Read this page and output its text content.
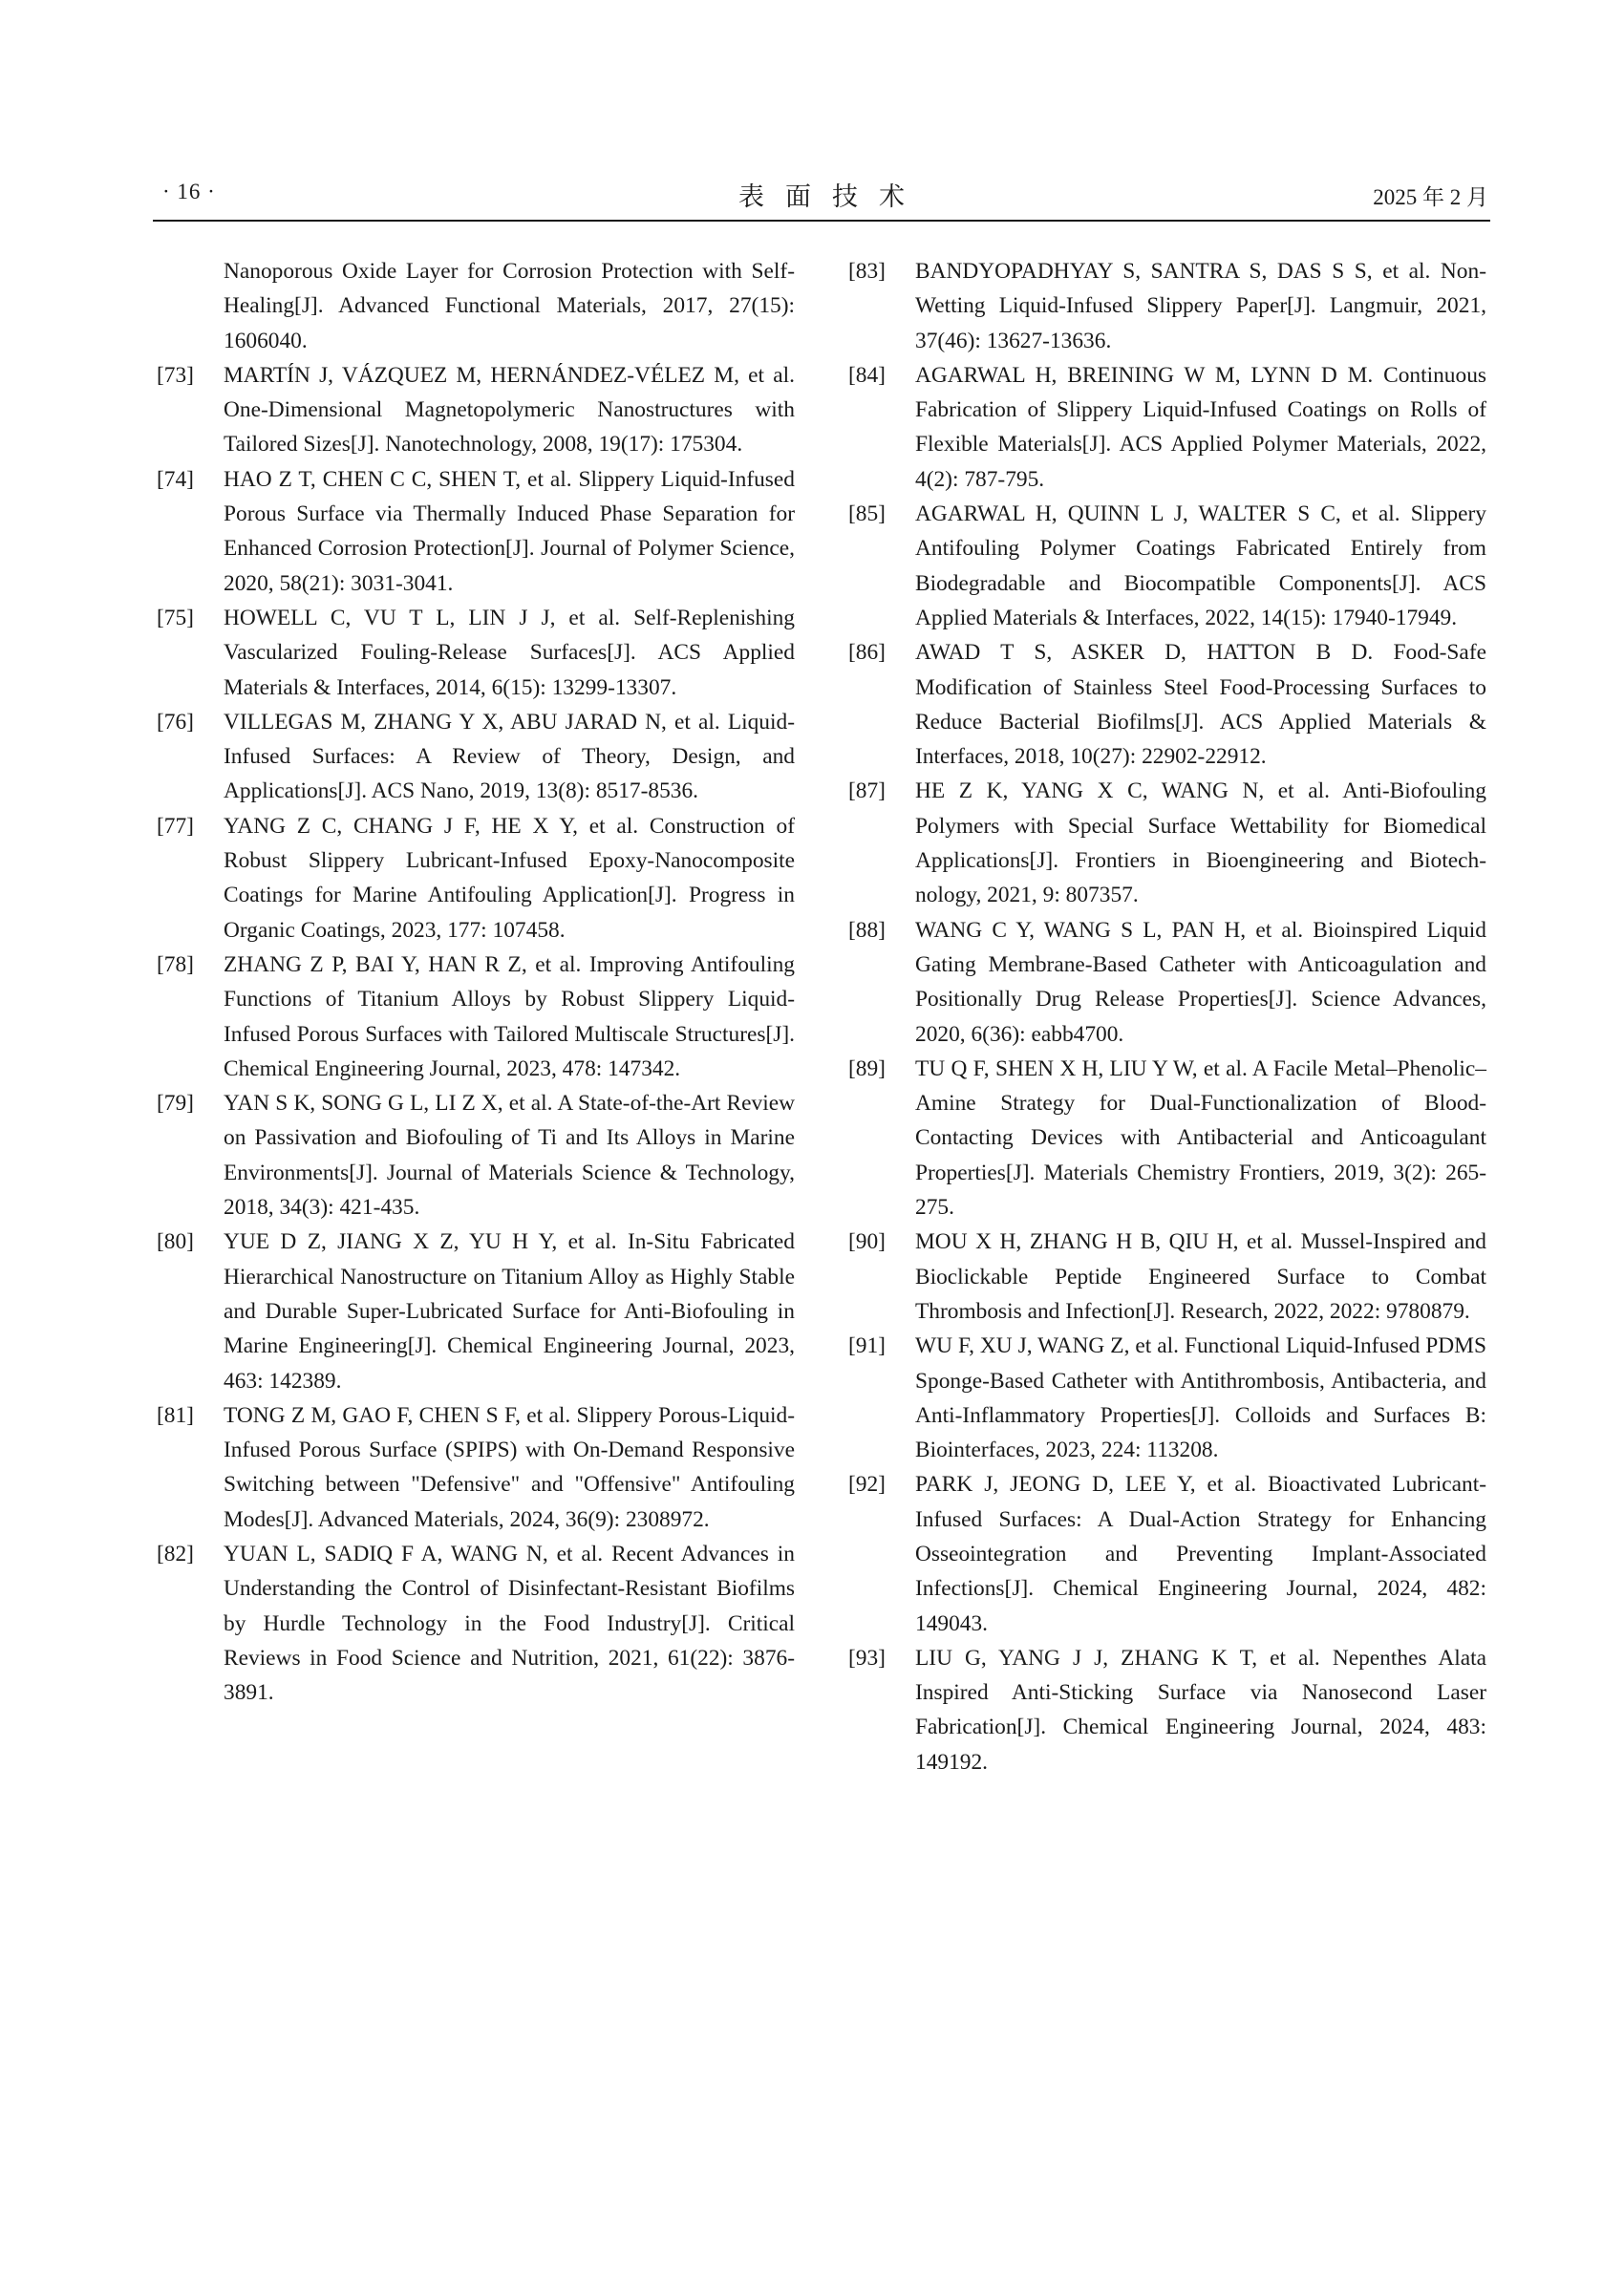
· 16 ·	表面技术	2025 年 2 月
Nanoporous Oxide Layer for Corrosion Protection with Self-Healing[J]. Advanced Functional Materials, 2017, 27(15): 1606040.
[73] MARTÍN J, VÁZQUEZ M, HERNÁNDEZ-VÉLEZ M, et al. One-Dimensional Magnetopolymeric Nanostructures with Tailored Sizes[J]. Nanotechnology, 2008, 19(17): 175304.
[74] HAO Z T, CHEN C C, SHEN T, et al. Slippery Liquid-Infused Porous Surface via Thermally Induced Phase Separation for Enhanced Corrosion Protection[J]. Journal of Polymer Science, 2020, 58(21): 3031-3041.
[75] HOWELL C, VU T L, LIN J J, et al. Self-Replenishing Vascularized Fouling-Release Surfaces[J]. ACS Applied Materials & Interfaces, 2014, 6(15): 13299-13307.
[76] VILLEGAS M, ZHANG Y X, ABU JARAD N, et al. Liquid-Infused Surfaces: A Review of Theory, Design, and Applications[J]. ACS Nano, 2019, 13(8): 8517-8536.
[77] YANG Z C, CHANG J F, HE X Y, et al. Construction of Robust Slippery Lubricant-Infused Epoxy-Nanocomposite Coatings for Marine Antifouling Application[J]. Progress in Organic Coatings, 2023, 177: 107458.
[78] ZHANG Z P, BAI Y, HAN R Z, et al. Improving Antifouling Functions of Titanium Alloys by Robust Slippery Liquid-Infused Porous Surfaces with Tailored Multiscale Structures[J]. Chemical Engineering Journal, 2023, 478: 147342.
[79] YAN S K, SONG G L, LI Z X, et al. A State-of-the-Art Review on Passivation and Biofouling of Ti and Its Alloys in Marine Environments[J]. Journal of Materials Science & Technology, 2018, 34(3): 421-435.
[80] YUE D Z, JIANG X Z, YU H Y, et al. In-Situ Fabricated Hierarchical Nanostructure on Titanium Alloy as Highly Stable and Durable Super-Lubricated Surface for Anti-Biofouling in Marine Engineering[J]. Chemical Engineering Journal, 2023, 463: 142389.
[81] TONG Z M, GAO F, CHEN S F, et al. Slippery Porous-Liquid-Infused Porous Surface (SPIPS) with On-Demand Responsive Switching between "Defensive" and "Offensive" Antifouling Modes[J]. Advanced Materials, 2024, 36(9): 2308972.
[82] YUAN L, SADIQ F A, WANG N, et al. Recent Advances in Understanding the Control of Disinfectant-Resistant Biofilms by Hurdle Technology in the Food Industry[J]. Critical Reviews in Food Science and Nutrition, 2021, 61(22): 3876-3891.
[83] BANDYOPADHYAY S, SANTRA S, DAS S S, et al. Non-Wetting Liquid-Infused Slippery Paper[J]. Langmuir, 2021, 37(46): 13627-13636.
[84] AGARWAL H, BREINING W M, LYNN D M. Continuous Fabrication of Slippery Liquid-Infused Coatings on Rolls of Flexible Materials[J]. ACS Applied Polymer Materials, 2022, 4(2): 787-795.
[85] AGARWAL H, QUINN L J, WALTER S C, et al. Slippery Antifouling Polymer Coatings Fabricated Entirely from Biodegradable and Biocompatible Components[J]. ACS Applied Materials & Interfaces, 2022, 14(15): 17940-17949.
[86] AWAD T S, ASKER D, HATTON B D. Food-Safe Modification of Stainless Steel Food-Processing Surfaces to Reduce Bacterial Biofilms[J]. ACS Applied Materials & Interfaces, 2018, 10(27): 22902-22912.
[87] HE Z K, YANG X C, WANG N, et al. Anti-Biofouling Polymers with Special Surface Wettability for Biomedical Applications[J]. Frontiers in Bioengineering and Biotechnology, 2021, 9: 807357.
[88] WANG C Y, WANG S L, PAN H, et al. Bioinspired Liquid Gating Membrane-Based Catheter with Anticoagulation and Positionally Drug Release Properties[J]. Science Advances, 2020, 6(36): eabb4700.
[89] TU Q F, SHEN X H, LIU Y W, et al. A Facile Metal–Phenolic–Amine Strategy for Dual-Functionalization of Blood-Contacting Devices with Antibacterial and Anticoagulant Properties[J]. Materials Chemistry Frontiers, 2019, 3(2): 265-275.
[90] MOU X H, ZHANG H B, QIU H, et al. Mussel-Inspired and Bioclickable Peptide Engineered Surface to Combat Thrombosis and Infection[J]. Research, 2022, 2022: 9780879.
[91] WU F, XU J, WANG Z, et al. Functional Liquid-Infused PDMS Sponge-Based Catheter with Antithrombosis, Antibacteria, and Anti-Inflammatory Properties[J]. Colloids and Surfaces B: Biointerfaces, 2023, 224: 113208.
[92] PARK J, JEONG D, LEE Y, et al. Bioactivated Lubricant-Infused Surfaces: A Dual-Action Strategy for Enhancing Osseointegration and Preventing Implant-Associated Infections[J]. Chemical Engineering Journal, 2024, 482: 149043.
[93] LIU G, YANG J J, ZHANG K T, et al. Nepenthes Alata Inspired Anti-Sticking Surface via Nanosecond Laser Fabrication[J]. Chemical Engineering Journal, 2024, 483: 149192.
